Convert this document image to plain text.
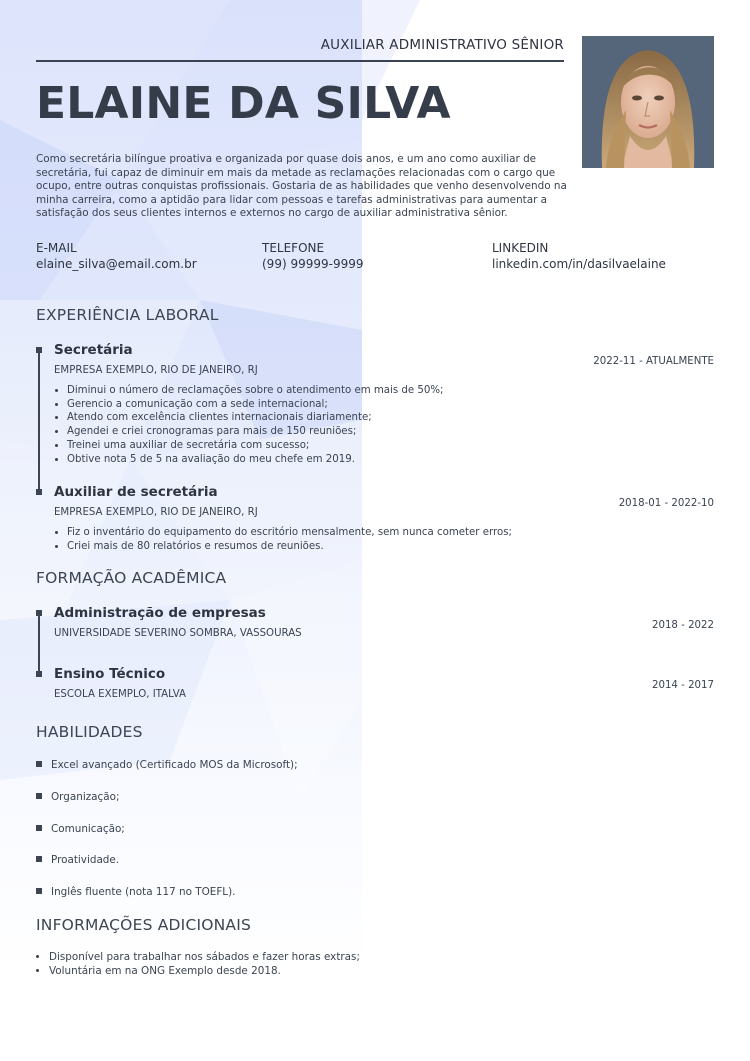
AUXILIAR ADMINISTRATIVO SÊNIOR
ELAINE DA SILVA

Como secretária bilíngue proativa e organizada por quase dois anos, e um ano como auxiliar de secretária, fui capaz de diminuir em mais da metade as reclamações relacionadas com o cargo que ocupo, entre outras conquistas profissionais. Gostaria de as habilidades que venho desenvolvendo na minha carreira, como a aptidão para lidar com pessoas e tarefas administrativas para aumentar a satisfação dos seus clientes internos e externos no cargo de auxiliar administrativa sênior.

E-MAIL
elaine_silva@email.com.br
TELEFONE
(99) 99999-9999
LINKEDIN
linkedin.com/in/dasilvaelaine
EXPERIÊNCIA LABORAL
Secretária
2022-11 - ATUALMENTE
EMPRESA EXEMPLO, RIO DE JANEIRO, RJ
• Diminui o número de reclamações sobre o atendimento em mais de 50%;
• Gerencio a comunicação com a sede internacional;
• Atendo com excelência clientes internacionais diariamente;
• Agendei e criei cronogramas para mais de 150 reuniões;
• Treinei uma auxiliar de secretária com sucesso;
• Obtive nota 5 de 5 na avaliação do meu chefe em 2019.
Auxiliar de secretária
2018-01 - 2022-10
EMPRESA EXEMPLO, RIO DE JANEIRO, RJ
• Fiz o inventário do equipamento do escritório mensalmente, sem nunca cometer erros;
• Criei mais de 80 relatórios e resumos de reuniões.
FORMAÇÃO ACADÊMICA
Administração de empresas
2018 - 2022
UNIVERSIDADE SEVERINO SOMBRA, VASSOURAS
Ensino Técnico
2014 - 2017
ESCOLA EXEMPLO, ITALVA
HABILIDADES
Excel avançado (Certificado MOS da Microsoft);
Organização;
Comunicação;
Proatividade.
Inglês fluente (nota 117 no TOEFL).
INFORMAÇÕES ADICIONAIS
• Disponível para trabalhar nos sábados e fazer horas extras;
• Voluntária em na ONG Exemplo desde 2018.
